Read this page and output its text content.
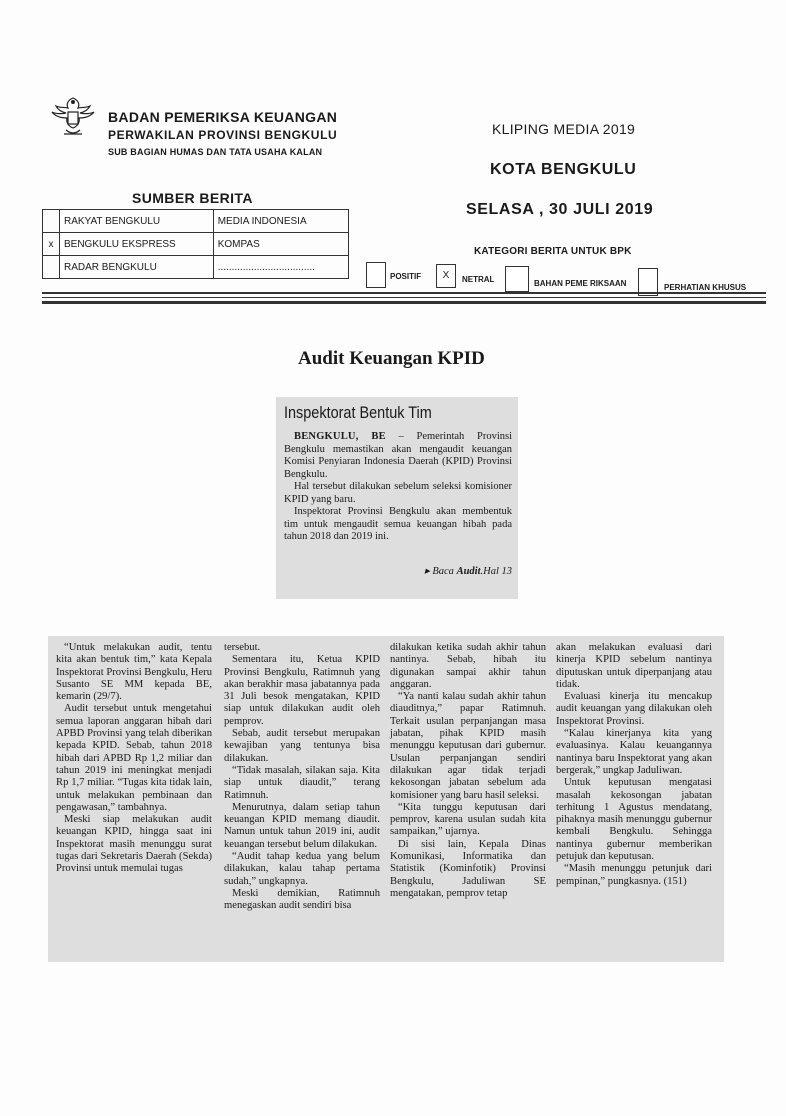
BADAN PEMERIKSA KEUANGAN
PERWAKILAN PROVINSI BENGKULU
SUB BAGIAN HUMAS DAN TATA USAHA KALAN
KLIPING MEDIA 2019
KOTA BENGKULU
SELASA , 30 JULI 2019
SUMBER BERITA
	RAKYAT BENGKULU	MEDIA INDONESIA
x	BENGKULU EKSPRESS	KOMPAS
	RADAR BENGKULU	...................................
KATEGORI BERITA UNTUK BPK
POSITIF	X	NETRAL	BAHAN PEME RIKSAAN	PERHATIAN KHUSUS
Audit Keuangan KPID
Inspektorat Bentuk Tim

BENGKULU, BE – Pemerintah Provinsi Bengkulu memastikan akan mengaudit keuangan Komisi Penyiaran Indonesia Daerah (KPID) Provinsi Bengkulu.

Hal tersebut dilakukan sebelum seleksi komisioner KPID yang baru.

Inspektorat Provinsi Bengkulu akan membentuk tim untuk mengaudit semua keuangan hibah pada tahun 2018 dan 2019 ini.

▸ Baca Audit.Hal 13

“Untuk melakukan audit, tentu kita akan bentuk tim,” kata Kepala Inspektorat Provinsi Bengkulu, Heru Susanto SE MM kepada BE, kemarin (29/7).

Audit tersebut untuk mengetahui semua laporan anggaran hibah dari APBD Provinsi yang telah diberikan kepada KPID. Sebab, tahun 2018 hibah dari APBD Rp 1,2 miliar dan tahun 2019 ini meningkat menjadi Rp 1,7 miliar. “Tugas kita tidak lain, untuk melakukan pembinaan dan pengawasan,” tambahnya.

Meski siap melakukan audit keuangan KPID, hingga saat ini Inspektorat masih menunggu surat tugas dari Sekretaris Daerah (Sekda) Provinsi untuk memulai tugas

tersebut.

Sementara itu, Ketua KPID Provinsi Bengkulu, Ratimnuh yang akan berakhir masa jabatannya pada 31 Juli besok mengatakan, KPID siap untuk dilakukan audit oleh pemprov.

Sebab, audit tersebut merupakan kewajiban yang tentunya bisa dilakukan.

“Tidak masalah, silakan saja. Kita siap untuk diaudit,” terang Ratimnuh.

Menurutnya, dalam setiap tahun keuangan KPID memang diaudit. Namun untuk tahun 2019 ini, audit keuangan tersebut belum dilakukan.

“Audit tahap kedua yang belum dilakukan, kalau tahap pertama sudah,” ungkapnya.

Meski demikian, Ratimnuh menegaskan audit sendiri bisa

dilakukan ketika sudah akhir tahun nantinya. Sebab, hibah itu digunakan sampai akhir tahun anggaran.

“Ya nanti kalau sudah akhir tahun diauditnya,” papar Ratimnuh. Terkait usulan perpanjangan masa jabatan, pihak KPID masih menunggu keputusan dari gubernur. Usulan perpanjangan sendiri dilakukan agar tidak terjadi kekosongan jabatan sebelum ada komisioner yang baru hasil seleksi.

“Kita tunggu keputusan dari pemprov, karena usulan sudah kita sampaikan,” ujarnya.

Di sisi lain, Kepala Dinas Komunikasi, Informatika dan Statistik (Kominfotik) Provinsi Bengkulu, Jaduliwan SE mengatakan, pemprov tetap

akan melakukan evaluasi dari kinerja KPID sebelum nantinya diputuskan untuk diperpanjang atau tidak.

Evaluasi kinerja itu mencakup audit keuangan yang dilakukan oleh Inspektorat Provinsi.

“Kalau kinerjanya kita yang evaluasinya. Kalau keuangannya nantinya baru Inspektorat yang akan bergerak,” ungkap Jaduliwan.

Untuk keputusan mengatasi masalah kekosongan jabatan terhitung 1 Agustus mendatang, pihaknya masih menunggu gubernur kembali Bengkulu. Sehingga nantinya gubernur memberikan petujuk dan keputusan.

“Masih menunggu petunjuk dari pempinan,” pungkasnya. (151)
